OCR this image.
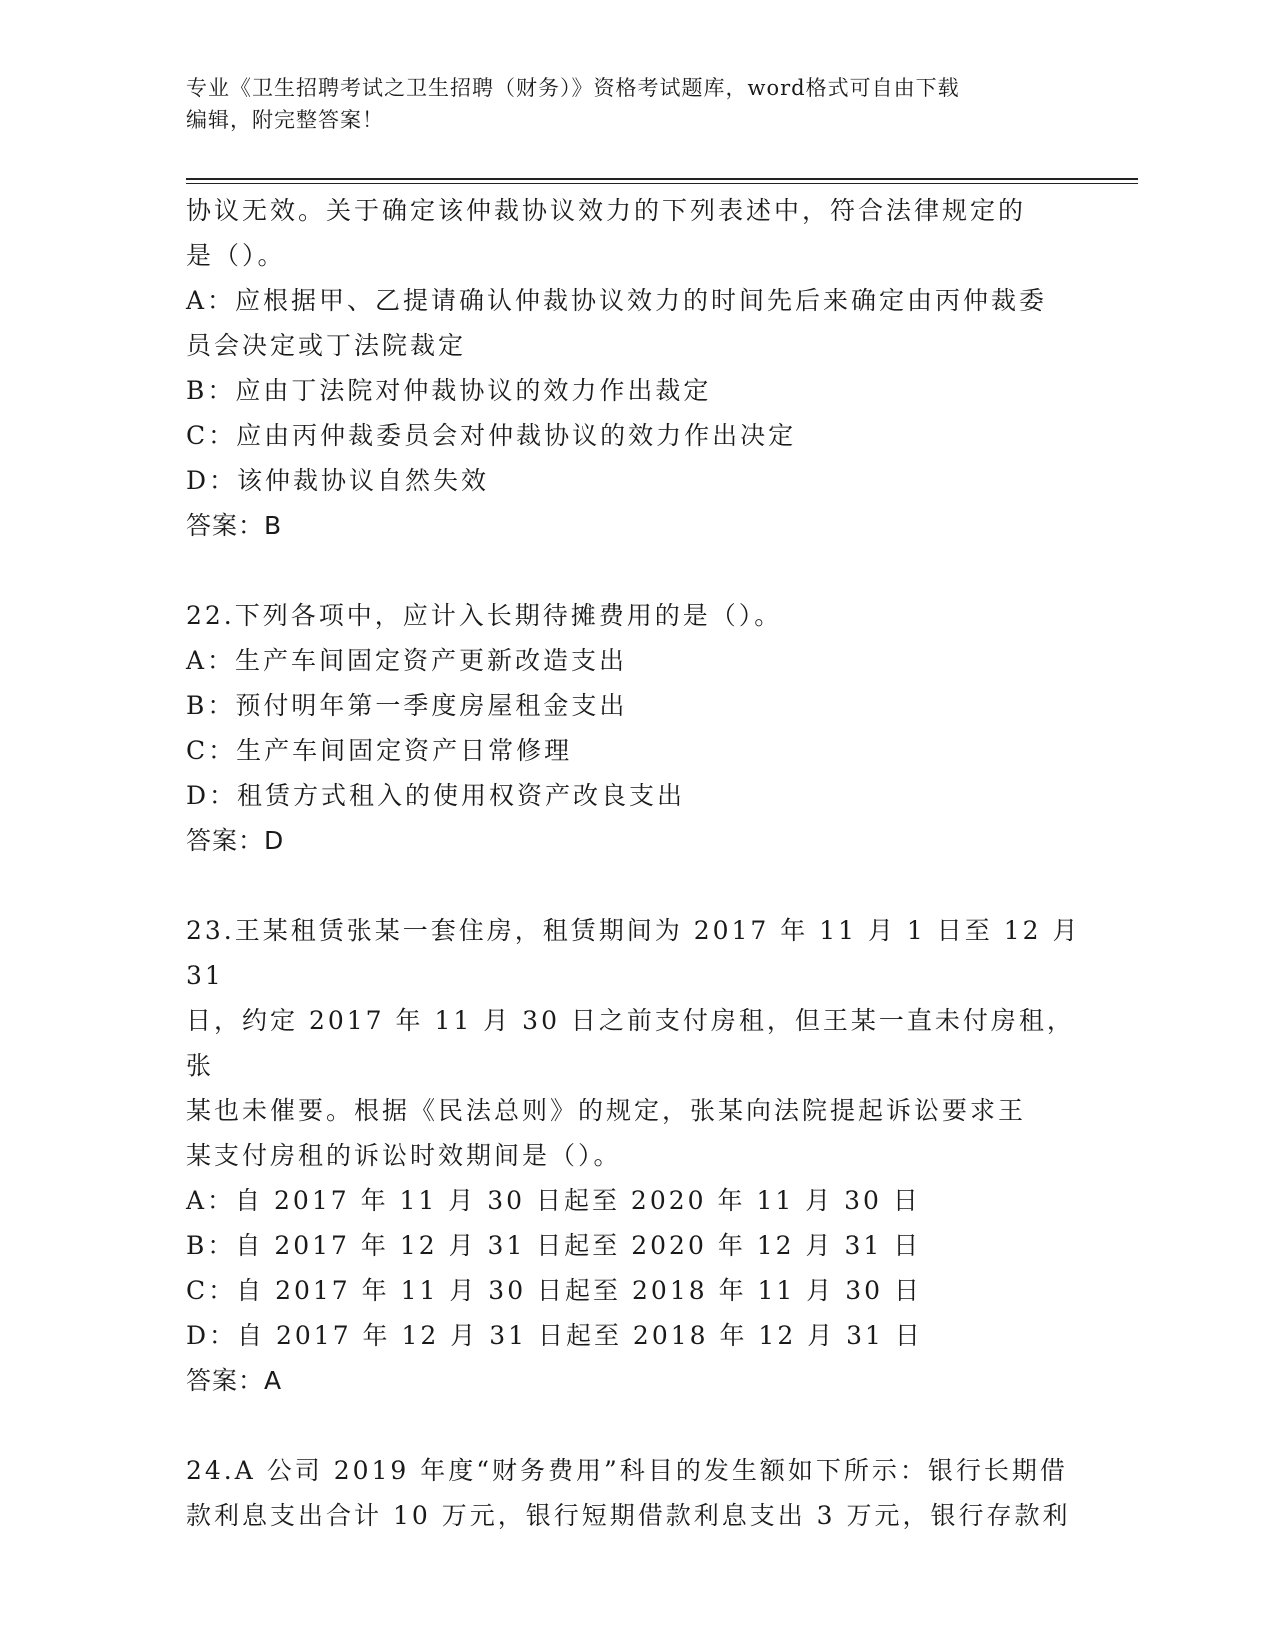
专业《卫生招聘考试之卫生招聘（财务）》资格考试题库，word格式可自由下载
编辑，附完整答案！

协议无效。关于确定该仲裁协议效力的下列表述中，符合法律规定的

是（）。

A：应根据甲、乙提请确认仲裁协议效力的时间先后来确定由丙仲裁委

员会决定或丁法院裁定

B：应由丁法院对仲裁协议的效力作出裁定

C：应由丙仲裁委员会对仲裁协议的效力作出决定

D：该仲裁协议自然失效

答案：B

22.下列各项中，应计入长期待摊费用的是（）。

A：生产车间固定资产更新改造支出

B：预付明年第一季度房屋租金支出

C：生产车间固定资产日常修理

D：租赁方式租入的使用权资产改良支出

答案：D

23.王某租赁张某一套住房，租赁期间为 2017 年 11 月 1 日至 12 月 31

日，约定 2017 年 11 月 30 日之前支付房租，但王某一直未付房租，张

某也未催要。根据《民法总则》的规定，张某向法院提起诉讼要求王

某支付房租的诉讼时效期间是（）。

A：自 2017 年 11 月 30 日起至 2020 年 11 月 30 日

B：自 2017 年 12 月 31 日起至 2020 年 12 月 31 日

C：自 2017 年 11 月 30 日起至 2018 年 11 月 30 日

D：自 2017 年 12 月 31 日起至 2018 年 12 月 31 日

答案：A

24.A 公司 2019 年度“财务费用”科目的发生额如下所示：银行长期借

款利息支出合计 10 万元，银行短期借款利息支出 3 万元，银行存款利
